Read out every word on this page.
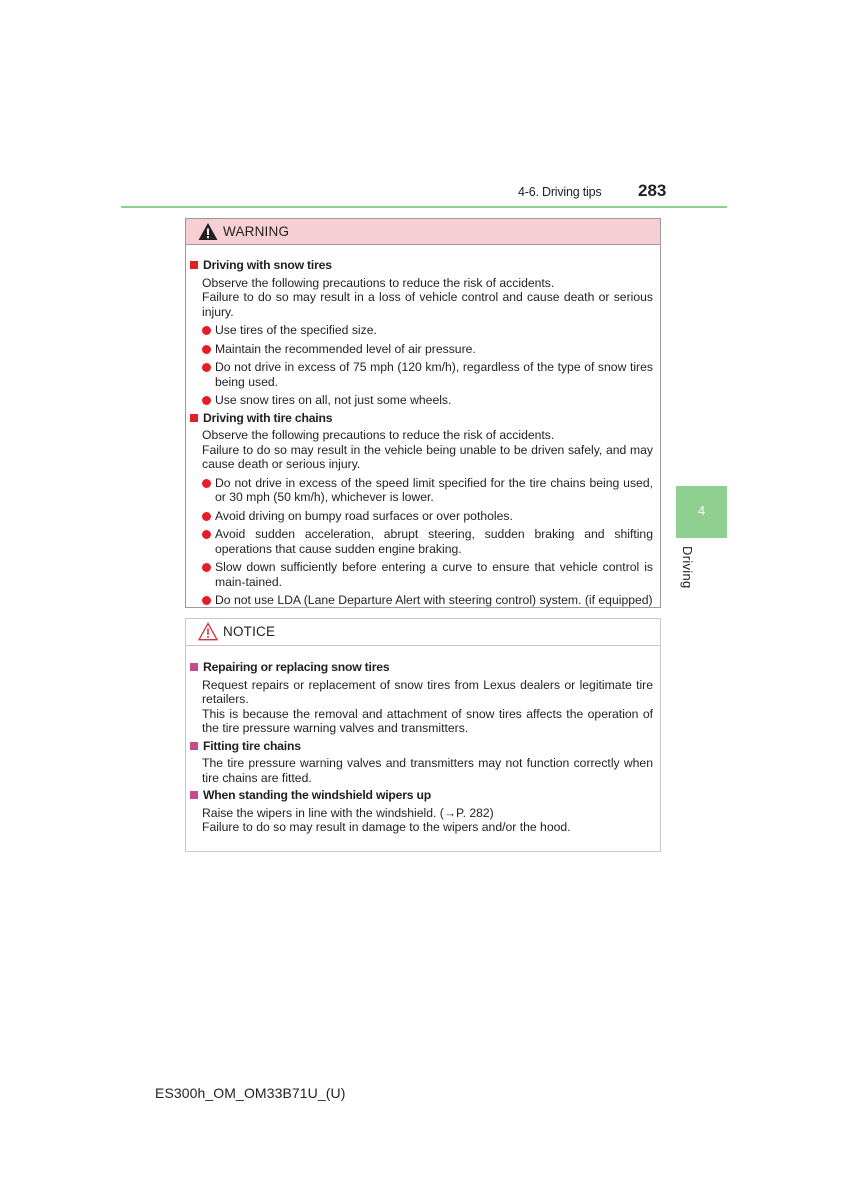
4-6. Driving tips 283
4
Driving
WARNING
Driving with snow tires
Observe the following precautions to reduce the risk of accidents.
Failure to do so may result in a loss of vehicle control and cause death or serious injury.
Use tires of the specified size.
Maintain the recommended level of air pressure.
Do not drive in excess of 75 mph (120 km/h), regardless of the type of snow tires being used.
Use snow tires on all, not just some wheels.
Driving with tire chains
Observe the following precautions to reduce the risk of accidents.
Failure to do so may result in the vehicle being unable to be driven safely, and may cause death or serious injury.
Do not drive in excess of the speed limit specified for the tire chains being used, or 30 mph (50 km/h), whichever is lower.
Avoid driving on bumpy road surfaces or over potholes.
Avoid sudden acceleration, abrupt steering, sudden braking and shifting operations that cause sudden engine braking.
Slow down sufficiently before entering a curve to ensure that vehicle control is main-tained.
Do not use LDA (Lane Departure Alert with steering control) system. (if equipped)
NOTICE
Repairing or replacing snow tires
Request repairs or replacement of snow tires from Lexus dealers or legitimate tire retailers.
This is because the removal and attachment of snow tires affects the operation of the tire pressure warning valves and transmitters.
Fitting tire chains
The tire pressure warning valves and transmitters may not function correctly when tire chains are fitted.
When standing the windshield wipers up
Raise the wipers in line with the windshield. (→P. 282)
Failure to do so may result in damage to the wipers and/or the hood.
ES300h_OM_OM33B71U_(U)
